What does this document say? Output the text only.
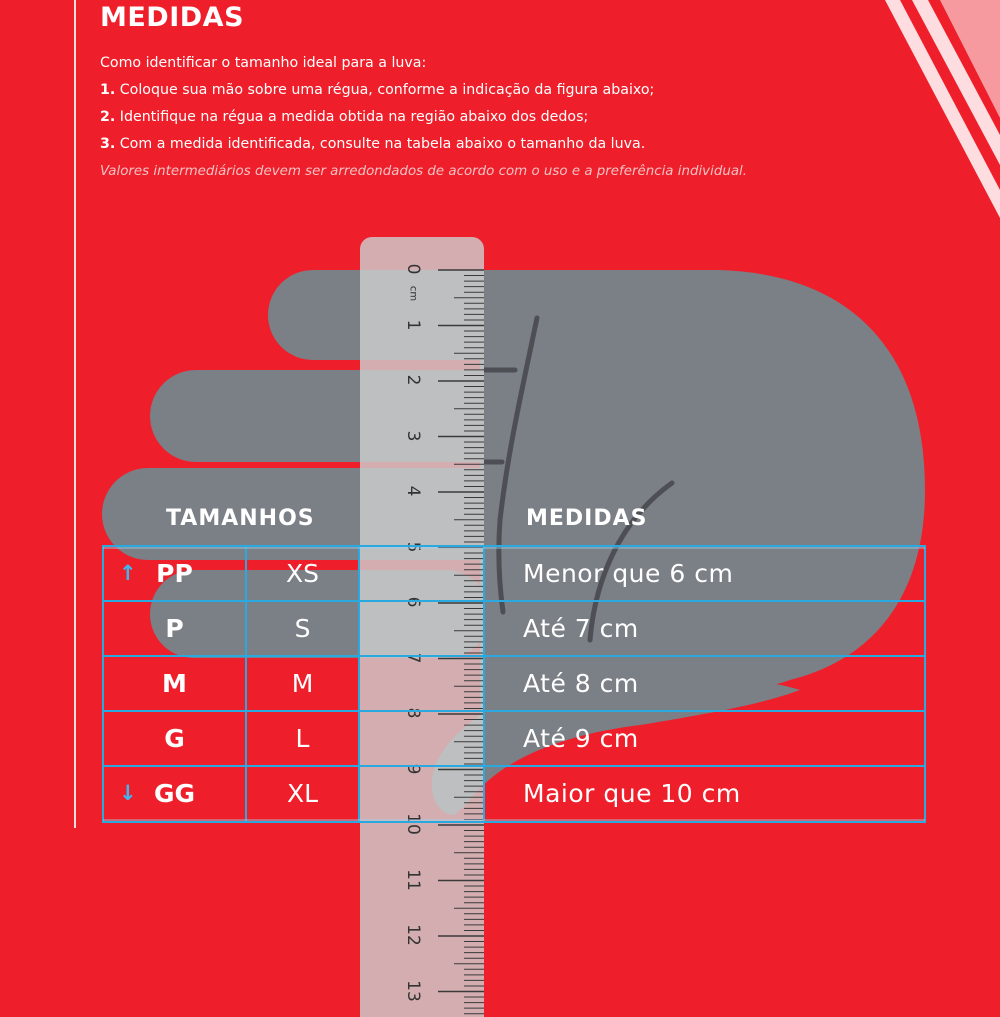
MEDIDAS

Como identificar o tamanho ideal para a luva:

1. Coloque sua mão sobre uma régua, conforme a indicação da figura abaixo;

2. Identifique na régua a medida obtida na região abaixo dos dedos;

3. Com a medida identificada, consulte na tabela abaixo o tamanho da luva.

Valores intermediários devem ser arredondados de acordo com o uso e a preferência individual.

0
1
2
3
4
5
6
7
8
9
10
11
12
13
cm
TAMANHOS	MEDIDAS
↑ PP	XS	Menor que 6 cm
P	S	Até 7 cm
M	M	Até 8 cm
G	L	Até 9 cm
↓ GG	XL	Maior que 10 cm
